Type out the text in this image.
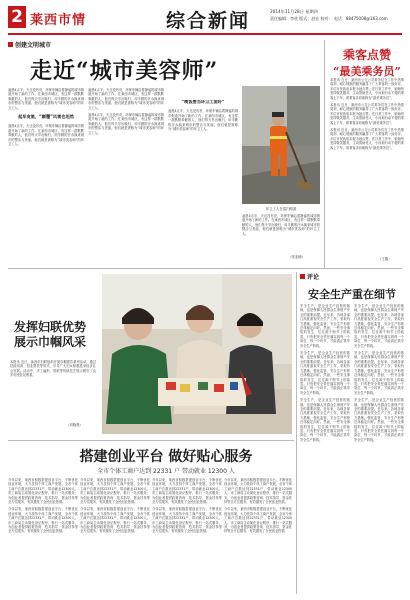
2 莱西市情	综合新闻	2014年11月28日 星期四
责任编辑：李欣 版式：赵宏 校对： 电话：88475008@163.com
创建文明城市
走近“城市美容师”
凌晨4点半，天还没有亮，环保车辆沿着静谧的城市街道开始了新的工作。在莱西市城区，有这样一群默默奉献的人，他们每天早出晚归，用辛勤的汗水换来城市的整洁与美丽，他们就是被称为“城市美容师”的环卫工人。
起早贪黑，“颠覆”风雪也坦然
凌晨4点半，天还没有亮，环保车辆沿着静谧的城市街道开始了新的工作。在莱西市城区，有这样一群默默奉献的人，他们每天早出晚归，用辛勤的汗水换来城市的整洁与美丽，他们就是被称为“城市美容师”的环卫工人。
凌晨4点半，天还没有亮，环保车辆沿着静谧的城市街道开始了新的工作。在莱西市城区，有这样一群默默奉献的人，他们每天早出晚归，用辛勤的汗水换来城市的整洁与美丽，他们就是被称为“城市美容师”的环卫工人。
凌晨4点半，天还没有亮，环保车辆沿着静谧的城市街道开始了新的工作。在莱西市城区，有这样一群默默奉献的人，他们每天早出晚归，用辛勤的汗水换来城市的整洁与美丽，他们就是被称为“城市美容师”的环卫工人。
“晚饭要当环卫工面好”
凌晨4点半，天还没有亮，环保车辆沿着静谧的城市街道开始了新的工作。在莱西市城区，有这样一群默默奉献的人，他们每天早出晚归，用辛勤的汗水换来城市的整洁与美丽，他们就是被称为“城市美容师”的环卫工人。
环卫工人在清扫路面
凌晨4点半，天还没有亮，环保车辆沿着静谧的城市街道开始了新的工作。在莱西市城区，有这样一群默默奉献的人，他们每天早出晚归，用辛勤的汗水换来城市的整洁与美丽，他们就是被称为“城市美容师”的环卫工人。
（张亚楠）
乘客点赞
“最美乘务员”
本报讯 近日，莱西市公交公司乘务员在工作中热情周到、耐心细致的服务赢得了广大乘客的一致好评，多位市民致电本报为她点赞。在日常工作中，她始终坚持微笑服务，主动帮助老人、小孩和行动不便的乘客上下车，被乘客亲切地称为“最美乘务员”。
本报讯 近日，莱西市公交公司乘务员在工作中热情周到、耐心细致的服务赢得了广大乘客的一致好评，多位市民致电本报为她点赞。在日常工作中，她始终坚持微笑服务，主动帮助老人、小孩和行动不便的乘客上下车，被乘客亲切地称为“最美乘务员”。
本报讯 近日，莱西市公交公司乘务员在工作中热情周到、耐心细致的服务赢得了广大乘客的一致好评，多位市民致电本报为她点赞。在日常工作中，她始终坚持微笑服务，主动帮助老人、小孩和行动不便的乘客上下车，被乘客亲切地称为“最美乘务员”。
（王鑫）
评论
安全生产重在细节
安全生产，是企业生产经营的基础，也是保障人民群众生命财产安全的重要前提。近年来，各地各部门高度重视安全生产工作，采取有力措施，强化监管，安全生产形势总体稳定向好。然而，一些安全事故的发生，往往源于细节上的疏忽。只有把安全责任落实到每一个岗位、每一个环节，才能真正筑牢安全生产防线。
安全生产，是企业生产经营的基础，也是保障人民群众生命财产安全的重要前提。近年来，各地各部门高度重视安全生产工作，采取有力措施，强化监管，安全生产形势总体稳定向好。然而，一些安全事故的发生，往往源于细节上的疏忽。只有把安全责任落实到每一个岗位、每一个环节，才能真正筑牢安全生产防线。
安全生产，是企业生产经营的基础，也是保障人民群众生命财产安全的重要前提。近年来，各地各部门高度重视安全生产工作，采取有力措施，强化监管，安全生产形势总体稳定向好。然而，一些安全事故的发生，往往源于细节上的疏忽。只有把安全责任落实到每一个岗位、每一个环节，才能真正筑牢安全生产防线。
安全生产，是企业生产经营的基础，也是保障人民群众生命财产安全的重要前提。近年来，各地各部门高度重视安全生产工作，采取有力措施，强化监管，安全生产形势总体稳定向好。然而，一些安全事故的发生，往往源于细节上的疏忽。只有把安全责任落实到每一个岗位、每一个环节，才能真正筑牢安全生产防线。
安全生产，是企业生产经营的基础，也是保障人民群众生命财产安全的重要前提。近年来，各地各部门高度重视安全生产工作，采取有力措施，强化监管，安全生产形势总体稳定向好。然而，一些安全事故的发生，往往源于细节上的疏忽。只有把安全责任落实到每一个岗位、每一个环节，才能真正筑牢安全生产防线。
安全生产，是企业生产经营的基础，也是保障人民群众生命财产安全的重要前提。近年来，各地各部门高度重视安全生产工作，采取有力措施，强化监管，安全生产形势总体稳定向好。然而，一些安全事故的发生，往往源于细节上的疏忽。只有把安全责任落实到每一个岗位、每一个环节，才能真正筑牢安全生产防线。
发挥妇联优势
展示巾帼风采
本报讯 近日，莱西市妇联组织开展巾帼建功系列活动，通过技能培训、创业帮扶等形式，引导广大妇女积极投身经济社会发展。活动中，手工编织、剪纸等传统技艺展示吸引了众多市民驻足观看。
（刘晓燕）
搭建创业平台 做好贴心服务
全市个体工商户达到 22331 户 带动就业 12300 人
今年以来，莱西市积极搭建创业平台，不断优化创业环境，大力扶持个体工商户发展，全市个体工商户总数达到22331户，带动就业12300人。市工商局主动简化登记程序，推行一站式服务，为创业者提供政策咨询、技术指导、资金扶持等全方位服务，有效激发了全民创业热情。
今年以来，莱西市积极搭建创业平台，不断优化创业环境，大力扶持个体工商户发展，全市个体工商户总数达到22331户，带动就业12300人。市工商局主动简化登记程序，推行一站式服务，为创业者提供政策咨询、技术指导、资金扶持等全方位服务，有效激发了全民创业热情。
今年以来，莱西市积极搭建创业平台，不断优化创业环境，大力扶持个体工商户发展，全市个体工商户总数达到22331户，带动就业12300人。市工商局主动简化登记程序，推行一站式服务，为创业者提供政策咨询、技术指导、资金扶持等全方位服务，有效激发了全民创业热情。
今年以来，莱西市积极搭建创业平台，不断优化创业环境，大力扶持个体工商户发展，全市个体工商户总数达到22331户，带动就业12300人。市工商局主动简化登记程序，推行一站式服务，为创业者提供政策咨询、技术指导、资金扶持等全方位服务，有效激发了全民创业热情。
今年以来，莱西市积极搭建创业平台，不断优化创业环境，大力扶持个体工商户发展，全市个体工商户总数达到22331户，带动就业12300人。市工商局主动简化登记程序，推行一站式服务，为创业者提供政策咨询、技术指导、资金扶持等全方位服务，有效激发了全民创业热情。
今年以来，莱西市积极搭建创业平台，不断优化创业环境，大力扶持个体工商户发展，全市个体工商户总数达到22331户，带动就业12300人。市工商局主动简化登记程序，推行一站式服务，为创业者提供政策咨询、技术指导、资金扶持等全方位服务，有效激发了全民创业热情。
今年以来，莱西市积极搭建创业平台，不断优化创业环境，大力扶持个体工商户发展，全市个体工商户总数达到22331户，带动就业12300人。市工商局主动简化登记程序，推行一站式服务，为创业者提供政策咨询、技术指导、资金扶持等全方位服务，有效激发了全民创业热情。
今年以来，莱西市积极搭建创业平台，不断优化创业环境，大力扶持个体工商户发展，全市个体工商户总数达到22331户，带动就业12300人。市工商局主动简化登记程序，推行一站式服务，为创业者提供政策咨询、技术指导、资金扶持等全方位服务，有效激发了全民创业热情。
